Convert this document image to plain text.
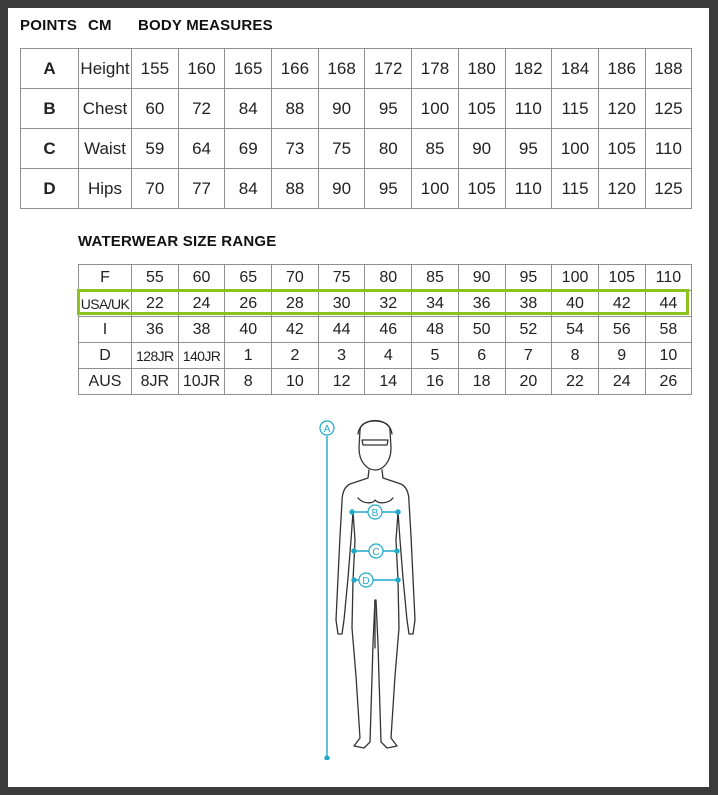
POINTS CM BODY MEASURES
A	Height	155	160	165	166	168	172	178	180	182	184	186	188
B	Chest	60	72	84	88	90	95	100	105	110	115	120	125
C	Waist	59	64	69	73	75	80	85	90	95	100	105	110
D	Hips	70	77	84	88	90	95	100	105	110	115	120	125
WATERWEAR SIZE RANGE
F	55	60	65	70	75	80	85	90	95	100	105	110
USA/UK	22	24	26	28	30	32	34	36	38	40	42	44
I	36	38	40	42	44	46	48	50	52	54	56	58
D	128JR	140JR	1	2	3	4	5	6	7	8	9	10
AUS	8JR	10JR	8	10	12	14	16	18	20	22	24	26
A
B
C
D
